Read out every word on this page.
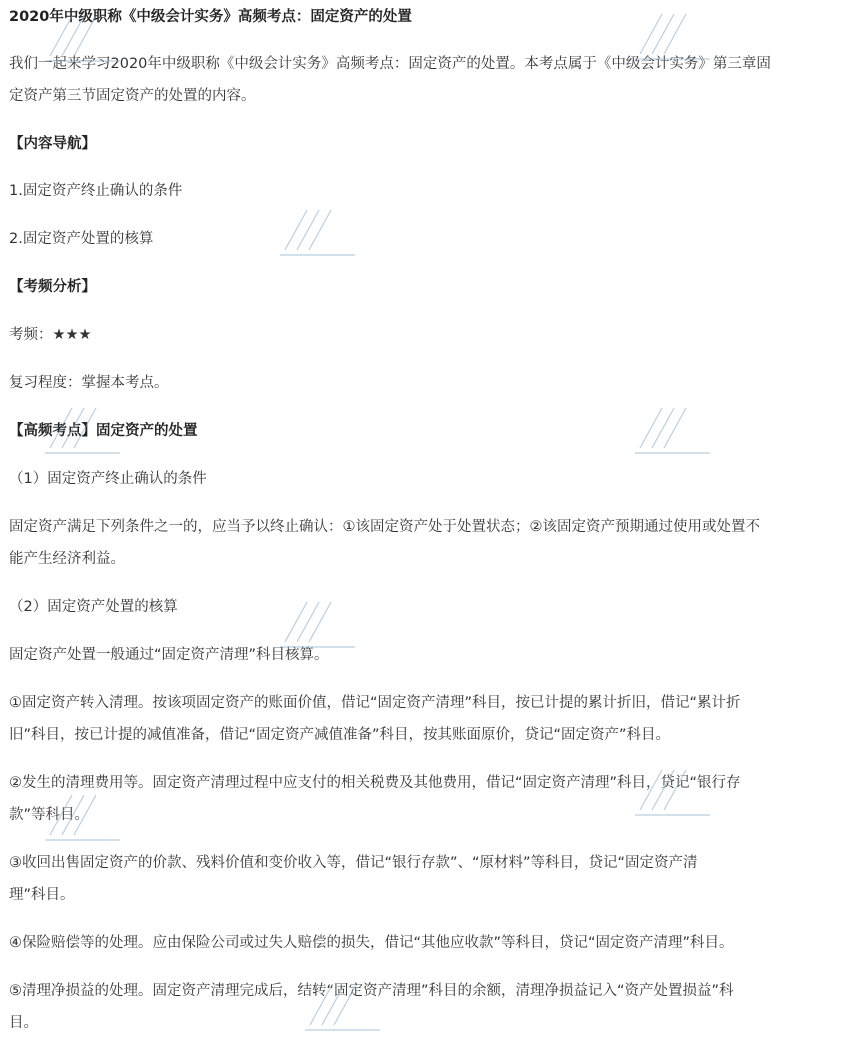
2020年中级职称《中级会计实务》高频考点：固定资产的处置
我们一起来学习2020年中级职称《中级会计实务》高频考点：固定资产的处置。本考点属于《中级会计实务》第三章固
定资产第三节固定资产的处置的内容。
【内容导航】
1.固定资产终止确认的条件
2.固定资产处置的核算
【考频分析】
考频：★★★
复习程度：掌握本考点。
【高频考点】固定资产的处置
（1）固定资产终止确认的条件
固定资产满足下列条件之一的，应当予以终止确认：①该固定资产处于处置状态；②该固定资产预期通过使用或处置不
能产生经济利益。
（2）固定资产处置的核算
固定资产处置一般通过“固定资产清理”科目核算。
①固定资产转入清理。按该项固定资产的账面价值，借记“固定资产清理”科目，按已计提的累计折旧，借记“累计折
旧”科目，按已计提的减值准备，借记“固定资产减值准备”科目，按其账面原价，贷记“固定资产”科目。
②发生的清理费用等。固定资产清理过程中应支付的相关税费及其他费用，借记“固定资产清理”科目，贷记“银行存
款”等科目。
③收回出售固定资产的价款、残料价值和变价收入等，借记“银行存款”、“原材料”等科目，贷记“固定资产清
理”科目。
④保险赔偿等的处理。应由保险公司或过失人赔偿的损失，借记“其他应收款”等科目，贷记“固定资产清理”科目。
⑤清理净损益的处理。固定资产清理完成后，结转“固定资产清理”科目的余额，清理净损益记入“资产处置损益”科
目。
